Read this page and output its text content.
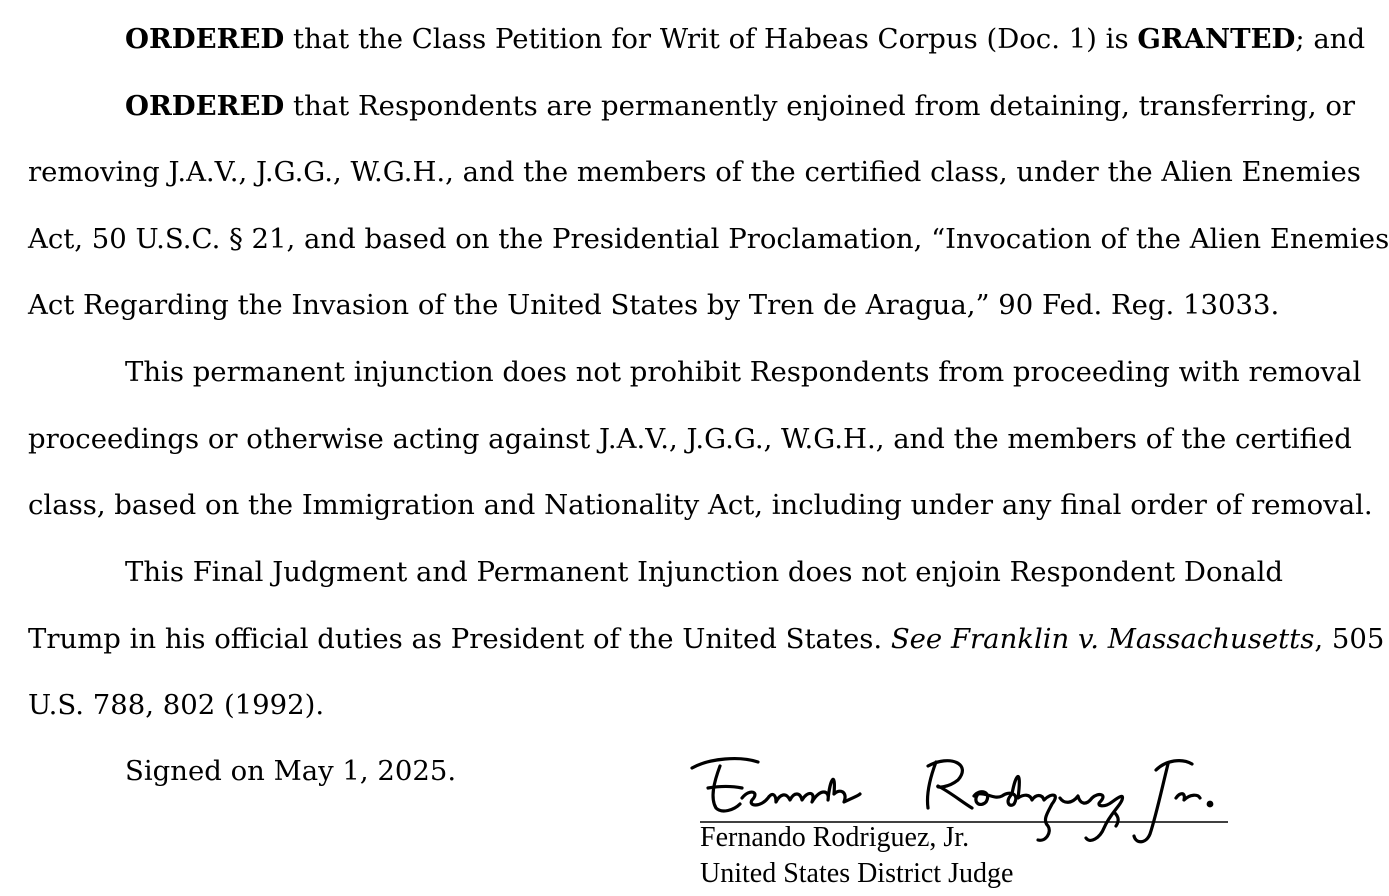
ORDERED that the Class Petition for Writ of Habeas Corpus (Doc. 1) is GRANTED; and
ORDERED that Respondents are permanently enjoined from detaining, transferring, or
removing J.A.V., J.G.G., W.G.H., and the members of the certified class, under the Alien Enemies
Act, 50 U.S.C. § 21, and based on the Presidential Proclamation, “Invocation of the Alien Enemies
Act Regarding the Invasion of the United States by Tren de Aragua,” 90 Fed. Reg. 13033.
This permanent injunction does not prohibit Respondents from proceeding with removal
proceedings or otherwise acting against J.A.V., J.G.G., W.G.H., and the members of the certified
class, based on the Immigration and Nationality Act, including under any final order of removal.
This Final Judgment and Permanent Injunction does not enjoin Respondent Donald
Trump in his official duties as President of the United States. See Franklin v. Massachusetts, 505
U.S. 788, 802 (1992).
Signed on May 1, 2025.
Fernando Rodriguez, Jr.
United States District Judge
